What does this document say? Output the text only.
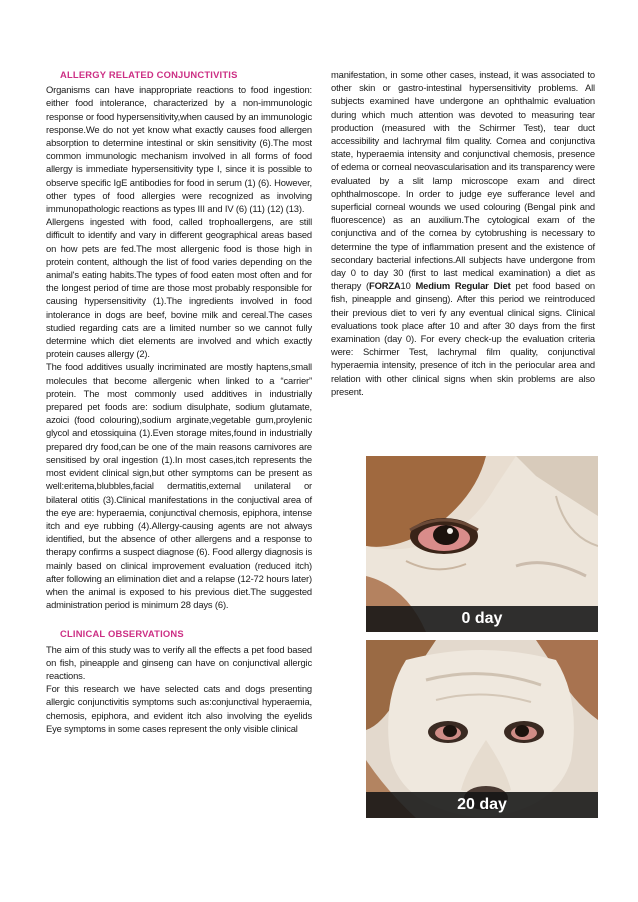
ALLERGY RELATED CONJUNCTIVITIS

Organisms can have inappropriate reactions to food ingestion: either food intolerance, characterized by a non-immunologic response or food hypersensitivity,when caused by an immunologic response.We do not yet know what exactly causes food allergen absorption to determine intestinal or skin sensitivity (6).The most common immunologic mechanism involved in all forms of food allergy is immediate hypersensitivity type I, since it is possible to observe specific IgE antibodies for food in serum (1) (6). However, other types of food allergies were recognized as involving immunopathologic reactions as types III and IV (6) (11) (12) (13).

Allergens ingested with food, called trophoallergens, are still difficult to identify and vary in different geographical areas based on how pets are fed.The most allergenic food is those high in protein content, although the list of food varies depending on the animal's eating habits.The types of food eaten most often and for the longest period of time are those most probably responsible for causing hypersensitivity (1).The ingredients involved in food intolerance in dogs are beef, bovine milk and cereal.The cases studied regarding cats are a limited number so we cannot fully determine which diet elements are involved and which exactly protein causes allergy (2).

The food additives usually incriminated are mostly haptens,small molecules that become allergenic when linked to a “carrier” protein. The most commonly used additives in industrially prepared pet foods are: sodium disulphate, sodium glutamate, azoici (food colouring),sodium arginate,vegetable gum,proylenic glycol and etossiquina (1).Even storage mites,found in industrially prepared dry food,can be one of the main reasons carnivores are sensitised by oral ingestion (1).In most cases,itch represents the most evident clinical sign,but other symptoms can be present as well:eritema,blubbles,facial dermatitis,external unilateral or bilateral otitis (3).Clinical manifestations in the conjuctival area of the eye are: hyperaemia, conjunctival chemosis, epiphora, intense itch and eye rubbing (4).Allergy-causing agents are not always identified, but the absence of other allergens and a response to therapy confirms a suspect diagnose (6). Food allergy diagnosis is mainly based on clinical improvement evaluation (reduced itch) after following an elimination diet and a relapse (12-72 hours later) when the animal is exposed to his previous diet.The suggested administration period is minimum 28 days (6).

CLINICAL OBSERVATIONS

The aim of this study was to verify all the effects a pet food based on fish, pineapple and ginseng can have on conjunctival allergic reactions.

For this research we have selected cats and dogs presenting allergic conjunctivitis symptoms such as:conjunctival hyperaemia, chemosis, epiphora, and evident itch also involving the eyelids Eye symptoms in some cases represent the only visible clinical

manifestation, in some other cases, instead, it was associated to other skin or gastro-intestinal hypersensitivity problems. All subjects examined have undergone an ophthalmic evaluation during which much attention was devoted to measuring tear production (measured with the Schirmer Test), tear duct accessibility and lachrymal film quality. Cornea and conjunctiva state, hyperaemia intensity and conjunctival chemosis, presence of edema or corneal neovascularisation and its transparency were evaluated by a slit lamp microscope exam and direct ophthalmoscope. In order to judge eye sufferance level and superficial corneal wounds we used colouring (Bengal pink and fluorescence) as an auxilium.The cytological exam of the conjunctiva and of the cornea by cytobrushing is necessary to determine the type of inflammation present and the existence of secondary bacterial infections.All subjects have undergone from day 0 to day 30 (first to last medical examination) a diet as therapy (FORZA10 Medium Regular Diet pet food based on fish, pineapple and ginseng). After this period we reintroduced their previous diet to veri fy any eventual clinical signs. Clinical evaluations took place after 10 and after 30 days from the first examination (day 0). For every check-up the evaluation criteria were: Schirmer Test, lachrymal film quality, conjunctival hyperaemia intensity, presence of itch in the periocular area and relation with other clinical signs when skin problems are also present.

0 day
20 day
